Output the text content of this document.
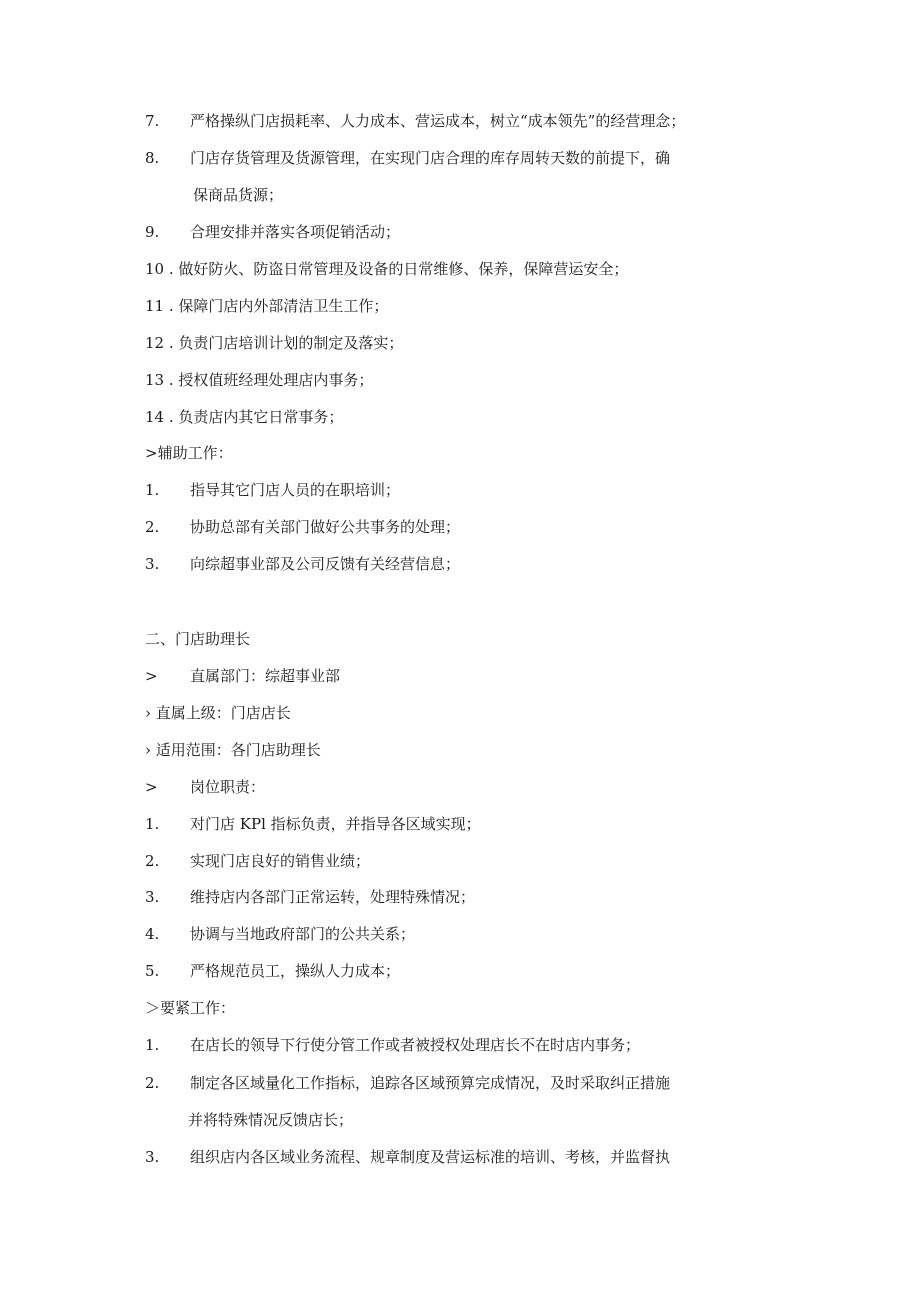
7. 严格操纵门店损耗率、人力成本、营运成本，树立“成本领先”的经营理念；
8. 门店存货管理及货源管理，在实现门店合理的库存周转天数的前提下，确
保商品货源；
9. 合理安排并落实各项促销活动；
10 . 做好防火、防盗日常管理及设备的日常维修、保养，保障营运安全；
11 . 保障门店内外部清洁卫生工作；
12 . 负责门店培训计划的制定及落实；
13 . 授权值班经理处理店内事务；
14 . 负责店内其它日常事务；
>辅助工作：
1. 指导其它门店人员的在职培训；
2. 协助总部有关部门做好公共事务的处理；
3. 向综超事业部及公司反馈有关经营信息；
二、门店助理长
> 直属部门：综超事业部
› 直属上级：门店店长
› 适用范围：各门店助理长
> 岗位职责：
1. 对门店 KPl 指标负责，并指导各区域实现；
2. 实现门店良好的销售业绩；
3. 维持店内各部门正常运转，处理特殊情况；
4. 协调与当地政府部门的公共关系；
5. 严格规范员工，操纵人力成本；
＞要紧工作：
1. 在店长的领导下行使分管工作或者被授权处理店长不在时店内事务；
2. 制定各区域量化工作指标，追踪各区域预算完成情况，及时采取纠正措施
并将特殊情况反馈店长；
3. 组织店内各区域业务流程、规章制度及营运标准的培训、考核，并监督执
